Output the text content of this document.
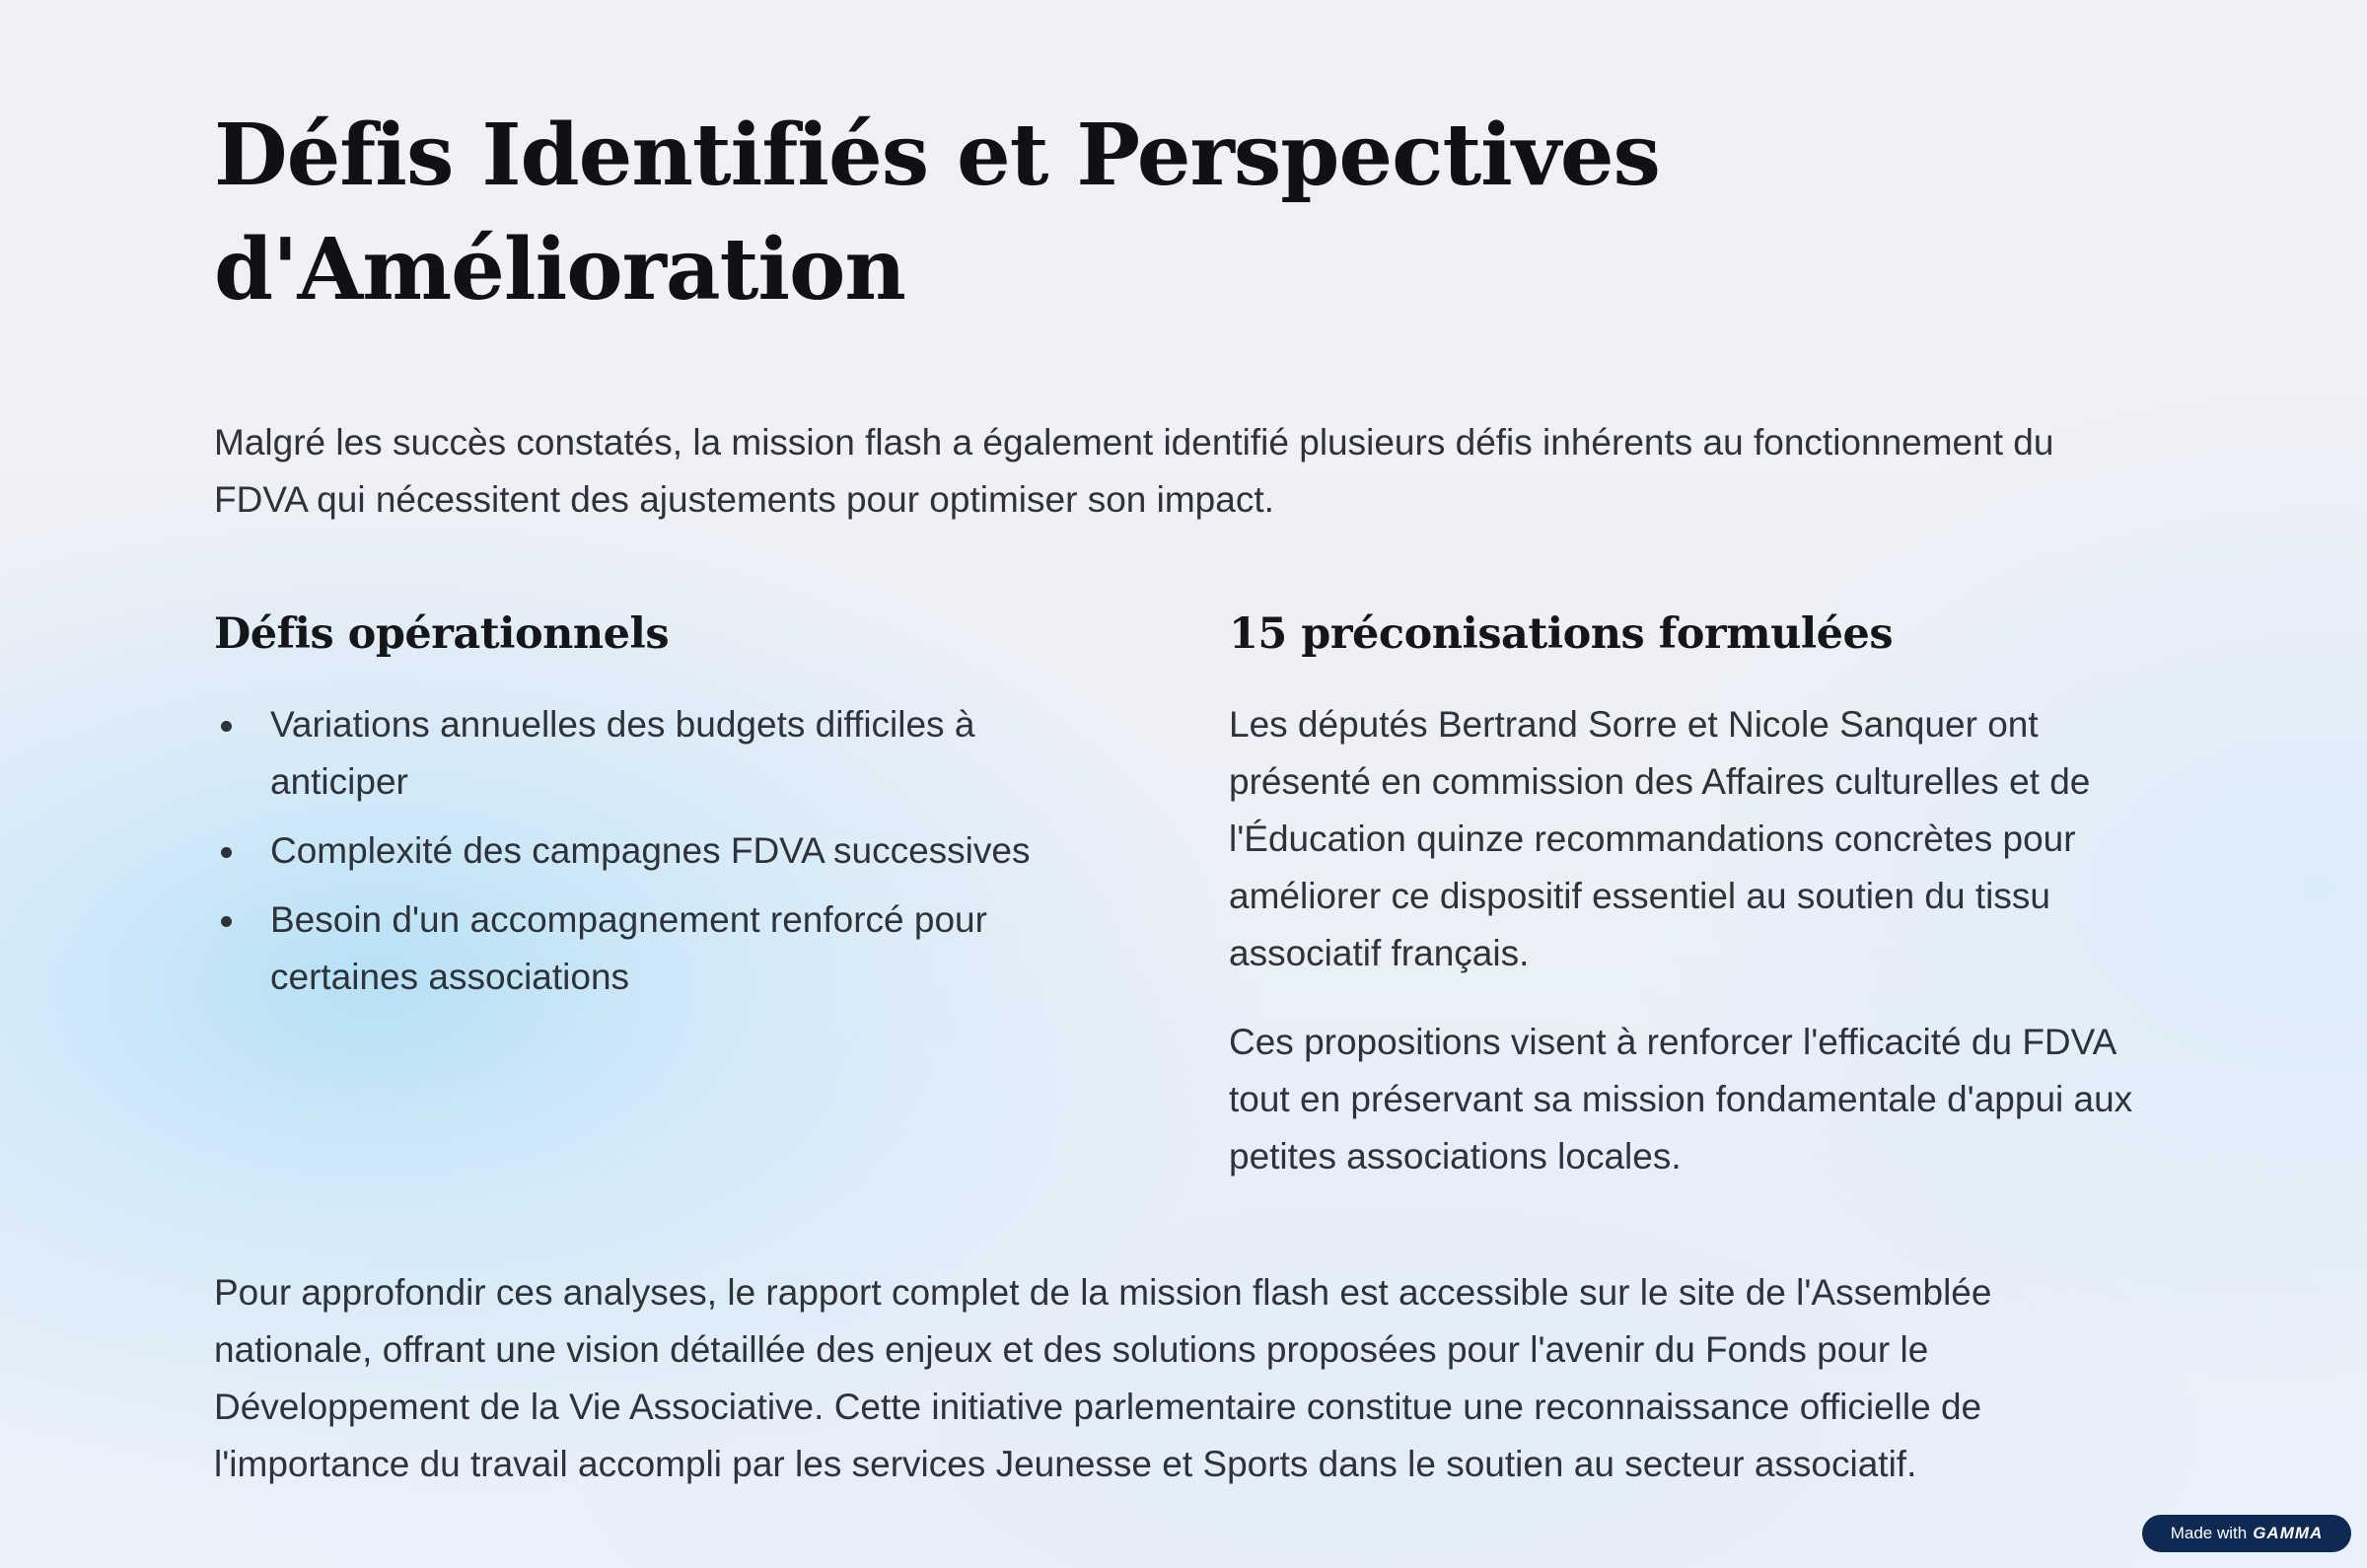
Défis Identifiés et Perspectives d'Amélioration

Malgré les succès constatés, la mission flash a également identifié plusieurs défis inhérents au fonctionnement du FDVA qui nécessitent des ajustements pour optimiser son impact.

Défis opérationnels
Variations annuelles des budgets difficiles à anticiper
Complexité des campagnes FDVA successives
Besoin d'un accompagnement renforcé pour certaines associations
15 préconisations formulées

Les députés Bertrand Sorre et Nicole Sanquer ont présenté en commission des Affaires culturelles et de l'Éducation quinze recommandations concrètes pour améliorer ce dispositif essentiel au soutien du tissu associatif français.

Ces propositions visent à renforcer l'efficacité du FDVA tout en préservant sa mission fondamentale d'appui aux petites associations locales.

Pour approfondir ces analyses, le rapport complet de la mission flash est accessible sur le site de l'Assemblée nationale, offrant une vision détaillée des enjeux et des solutions proposées pour l'avenir du Fonds pour le Développement de la Vie Associative. Cette initiative parlementaire constitue une reconnaissance officielle de l'importance du travail accompli par les services Jeunesse et Sports dans le soutien au secteur associatif.

Made with GAMMA
